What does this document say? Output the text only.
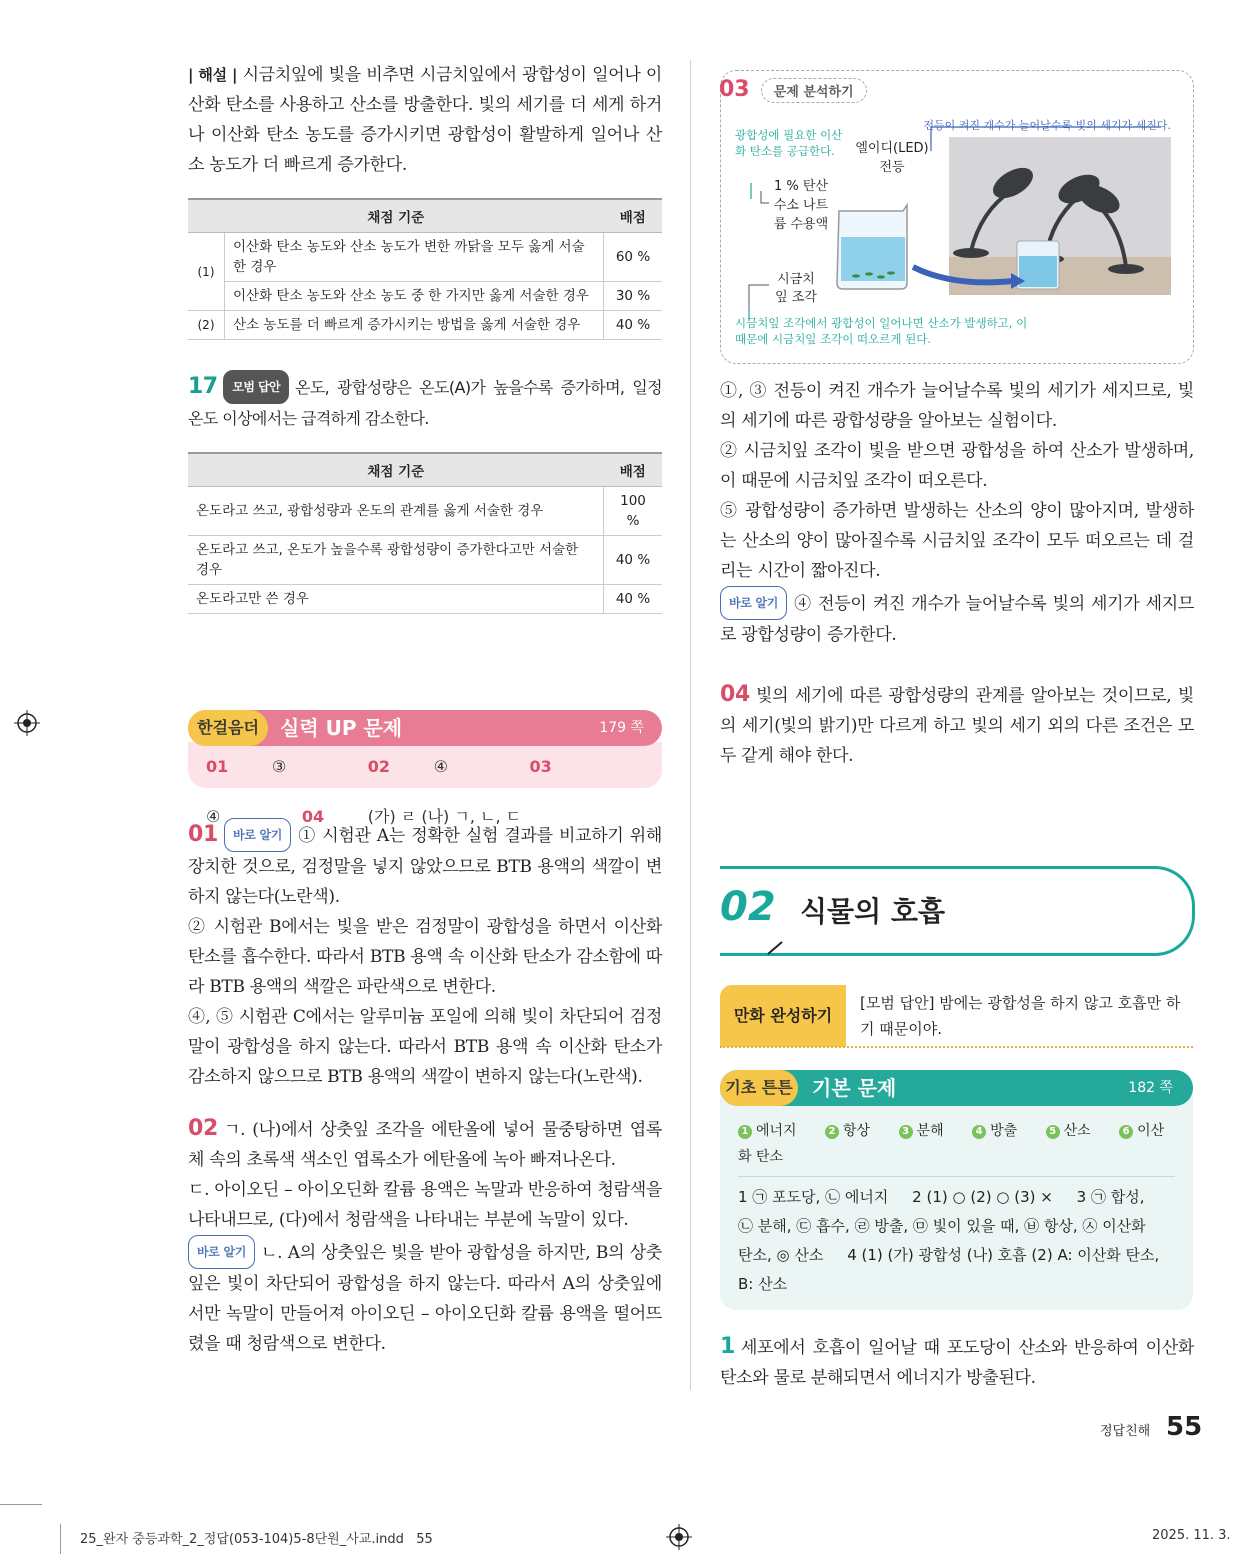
| 해설 | 시금치잎에 빛을 비추면 시금치잎에서 광합성이 일어나 이산화 탄소를 사용하고 산소를 방출한다. 빛의 세기를 더 세게 하거나 이산화 탄소 농도를 증가시키면 광합성이 활발하게 일어나 산소 농도가 더 빠르게 증가한다.

채점 기준		배점
(1)	이산화 탄소 농도와 산소 농도가 변한 까닭을 모두 옳게 서술한 경우	60 %
	이산화 탄소 농도와 산소 농도 중 한 가지만 옳게 서술한 경우	30 %
(2)	산소 농도를 더 빠르게 증가시키는 방법을 옳게 서술한 경우	40 %

17 모범 답안 온도, 광합성량은 온도(A)가 높을수록 증가하며, 일정 온도 이상에서는 급격하게 감소한다.

채점 기준	배점
온도라고 쓰고, 광합성량과 온도의 관계를 옳게 서술한 경우	100 %
온도라고 쓰고, 온도가 높을수록 광합성량이 증가한다고만 서술한 경우	40 %
온도라고만 쓴 경우	40 %
한걸음더	실력 UP 문제	179 쪽
01	③	02	④	03 ④	04	(가) ㄹ (나) ㄱ, ㄴ, ㄷ

01 바로 알기 ① 시험관 A는 정확한 실험 결과를 비교하기 위해 장치한 것으로, 검정말을 넣지 않았으므로 BTB 용액의 색깔이 변하지 않는다(노란색).

② 시험관 B에서는 빛을 받은 검정말이 광합성을 하면서 이산화 탄소를 흡수한다. 따라서 BTB 용액 속 이산화 탄소가 감소함에 따라 BTB 용액의 색깔은 파란색으로 변한다.

④, ⑤ 시험관 C에서는 알루미늄 포일에 의해 빛이 차단되어 검정말이 광합성을 하지 않는다. 따라서 BTB 용액 속 이산화 탄소가 감소하지 않으므로 BTB 용액의 색깔이 변하지 않는다(노란색).

02 ㄱ. (나)에서 상춧잎 조각을 에탄올에 넣어 물중탕하면 엽록체 속의 초록색 색소인 엽록소가 에탄올에 녹아 빠져나온다.

ㄷ. 아이오딘 – 아이오딘화 칼륨 용액은 녹말과 반응하여 청람색을 나타내므로, (다)에서 청람색을 나타내는 부분에 녹말이 있다.

바로 알기 ㄴ. A의 상춧잎은 빛을 받아 광합성을 하지만, B의 상춧잎은 빛이 차단되어 광합성을 하지 않는다. 따라서 A의 상춧잎에서만 녹말이 만들어져 아이오딘 – 아이오딘화 칼륨 용액을 떨어뜨렸을 때 청람색으로 변한다.

03 문제 분석하기
광합성에 필요한 이산화 탄소를 공급한다.
1 % 탄산수소 나트륨 수용액
엘이디(LED) 전등
전등이 켜진 개수가 늘어날수록 빛의 세기가 세진다.
시금치잎 조각
시금치잎 조각에서 광합성이 일어나면 산소가 발생하고, 이 때문에 시금치잎 조각이 떠오르게 된다.

①, ③ 전등이 켜진 개수가 늘어날수록 빛의 세기가 세지므로, 빛의 세기에 따른 광합성량을 알아보는 실험이다.

② 시금치잎 조각이 빛을 받으면 광합성을 하여 산소가 발생하며, 이 때문에 시금치잎 조각이 떠오른다.

⑤ 광합성량이 증가하면 발생하는 산소의 양이 많아지며, 발생하는 산소의 양이 많아질수록 시금치잎 조각이 모두 떠오르는 데 걸리는 시간이 짧아진다.

바로 알기 ④ 전등이 켜진 개수가 늘어날수록 빛의 세기가 세지므로 광합성량이 증가한다.

04 빛의 세기에 따른 광합성량의 관계를 알아보는 것이므로, 빛의 세기(빛의 밝기)만 다르게 하고 빛의 세기 외의 다른 조건은 모두 같게 해야 한다.

02 식물의 호흡
만화 완성하기
[모범 답안] 밤에는 광합성을 하지 않고 호흡만 하기 때문이야.
기초 튼튼 기본 문제	182 쪽
1 에너지	2 항상	3 분해	4 방출	5 산소	6 이산화 탄소
1 ㉠ 포도당, ㉡ 에너지     2 (1) ○ (2) ○ (3) ×     3 ㉠ 합성,
㉡ 분해, ㉢ 흡수, ㉣ 방출, ㉤ 빛이 있을 때, ㉥ 항상, ㉦ 이산화
탄소, ◎ 산소     4 (1) (가) 광합성 (나) 호흡 (2) A: 이산화 탄소,
B: 산소

1 세포에서 호흡이 일어날 때 포도당이 산소와 반응하여 이산화 탄소와 물로 분해되면서 에너지가 방출된다.

정답친해 55
25_완자 중등과학_2_정답(053-104)5-8단원_사교.indd   55	2025. 11. 3.
